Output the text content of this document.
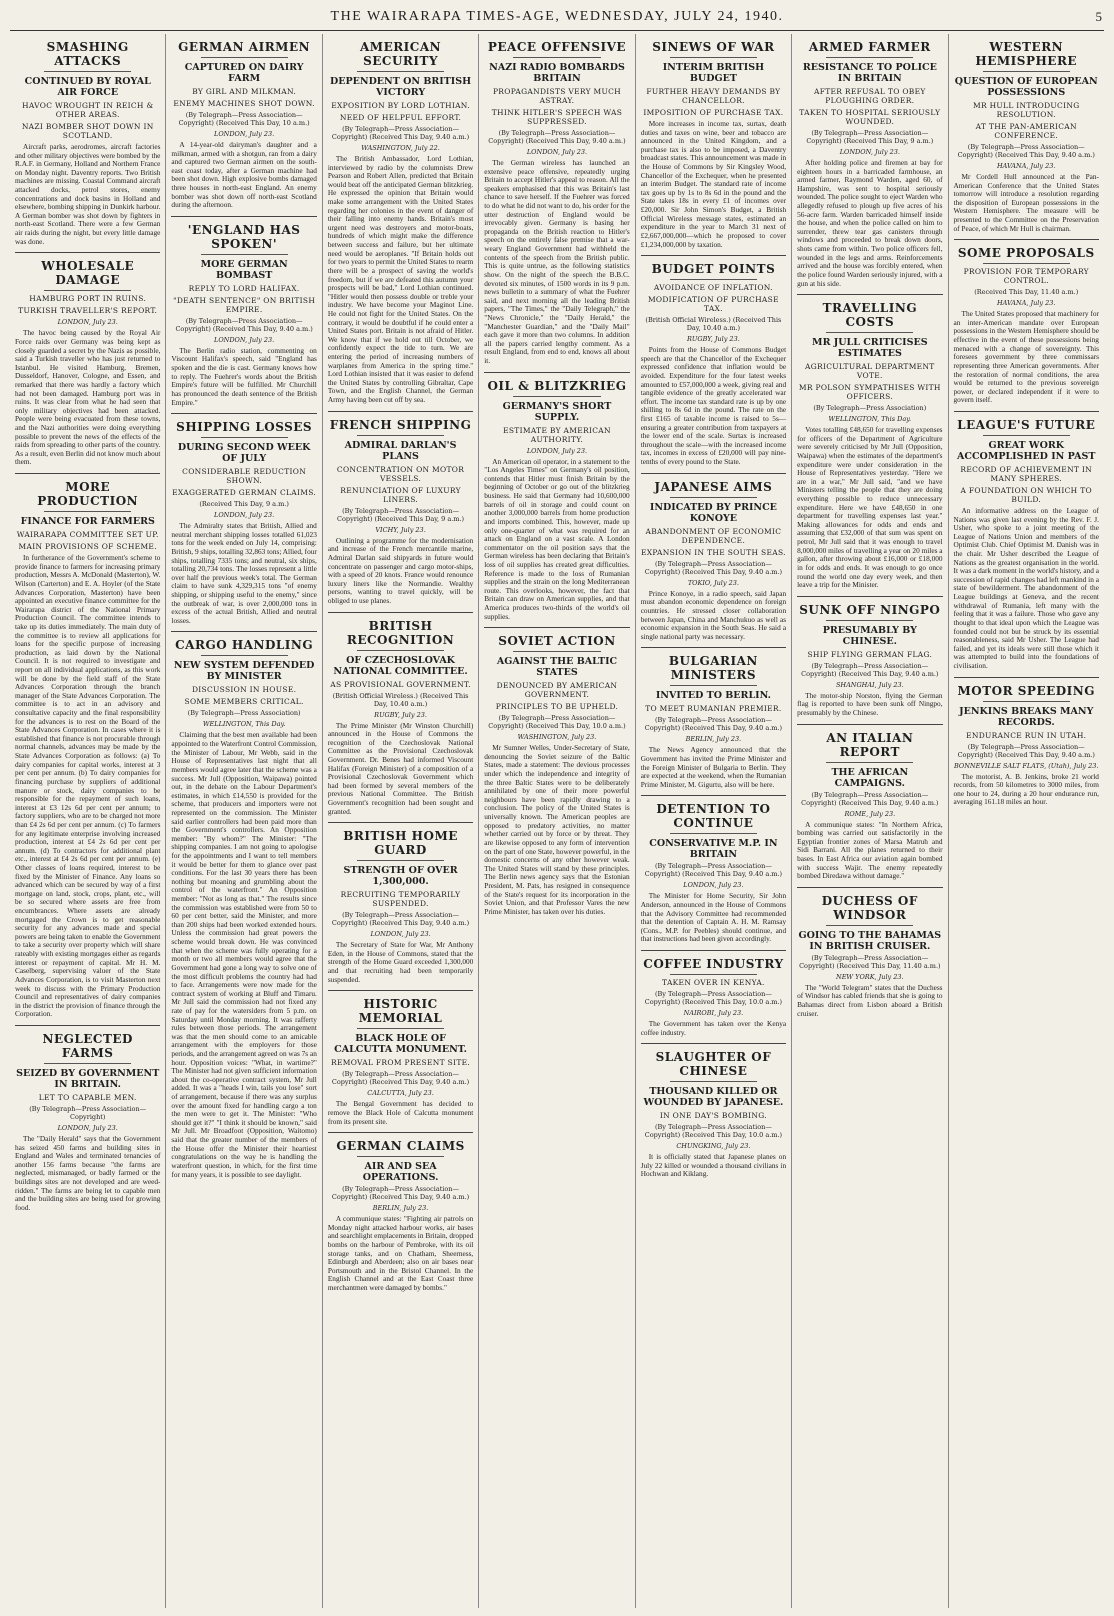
THE WAIRARAPA TIMES-AGE, WEDNESDAY, JULY 24, 1940.	5
SMASHING ATTACKS
CONTINUED BY ROYAL AIR FORCE
HAVOC WROUGHT IN REICH & OTHER AREAS.
NAZI BOMBER SHOT DOWN IN SCOTLAND.
Aircraft parks, aerodromes, aircraft factories and other military objectives were bombed by the R.A.F. in Germany, Holland and Northern France on Monday night. Daventry reports. Two British machines are missing. Coastal Command aircraft attacked docks, petrol stores, enemy concentrations and dock basins in Holland and elsewhere, bombing shipping in Dunkirk harbour. A German bomber was shot down by fighters in north-east Scotland. There were a few German air raids during the night, but every little damage was done.
WHOLESALE DAMAGE
HAMBURG PORT IN RUINS.
TURKISH TRAVELLER'S REPORT.
LONDON, July 23.
The havoc being caused by the Royal Air Force raids over Germany was being kept as closely guarded a secret by the Nazis as possible, said a Turkish traveller who has just returned to Istanbul. He visited Hamburg, Bremen, Dusseldorf, Hanover, Cologne, and Essen, and remarked that there was hardly a factory which had not been damaged. Hamburg port was in ruins. It was clear from what he had seen that only military objectives had been attacked. People were being evacuated from these towns, and the Nazi authorities were doing everything possible to prevent the news of the effects of the raids from spreading to other parts of the country. As a result, even Berlin did not know much about them.
MORE PRODUCTION
FINANCE FOR FARMERS
WAIRARAPA COMMITTEE SET UP.
MAIN PROVISIONS OF SCHEME.
In furtherance of the Government's scheme to provide finance to farmers for increasing primary production, Messrs A. McDonald (Masterton), W. Wilson (Carterton) and E. A. Hoyler (of the State Advances Corporation, Masterton) have been appointed an executive finance committee for the Wairarapa district of the National Primary Production Council. The committee intends to take up its duties immediately. The main duty of the committee is to review all applications for loans for the specific purpose of increasing production, as laid down by the National Council. It is not required to investigate and report on all individual applications, as this work will be done by the field staff of the State Advances Corporation through the branch manager of the State Advances Corporation. The committee is to act in an advisory and consultative capacity and the final responsibility for the advances is to rest on the Board of the State Advances Corporation. In cases where it is established that finance is not procurable through normal channels, advances may be made by the State Advances Corporation as follows: (a) To dairy companies for capital works, interest at 3 per cent per annum. (b) To dairy companies for financing purchase by suppliers of additional manure or stock, dairy companies to be responsible for the repayment of such loans, interest at £3 12s 6d per cent per annum; to factory suppliers, who are to be charged not more than £4 2s 6d per cent per annum. (c) To farmers for any legitimate enterprise involving increased production, interest at £4 2s 6d per cent per annum. (d) To contractors for additional plant etc., interest at £4 2s 6d per cent per annum. (e) Other classes of loans required, interest to be fixed by the Minister of Finance. Any loans so advanced which can be secured by way of a first mortgage on land, stock, crops, plant, etc., will be so secured where assets are free from encumbrances. Where assets are already mortgaged the Crown is to get reasonable security for any advances made and special powers are being taken to enable the Government to take a security over property which will share rateably with existing mortgages either as regards interest or repayment of capital. Mr H. M. Caselberg, supervising valuer of the State Advances Corporation, is to visit Masterton next week to discuss with the Primary Production Council and representatives of dairy companies in the district the provision of finance through the Corporation.
NEGLECTED FARMS
SEIZED BY GOVERNMENT IN BRITAIN.
LET TO CAPABLE MEN.
(By Telegraph—Press Association—Copyright)
LONDON, July 23.
The "Daily Herald" says that the Government has seized 450 farms and building sites in England and Wales and terminated tenancies of another 156 farms because "the farms are neglected, mismanaged, or badly farmed or the buildings sites are not developed and are weed-ridden." The farms are being let to capable men and the building sites are being used for growing food.
GERMAN AIRMEN
CAPTURED ON DAIRY FARM
BY GIRL AND MILKMAN.
ENEMY MACHINES SHOT DOWN.
(By Telegraph—Press Association—Copyright) (Received This Day, 10 a.m.)
LONDON, July 23.
A 14-year-old dairyman's daughter and a milkman, armed with a shotgun, ran from a dairy and captured two German airmen on the south-east coast today, after a German machine had been shot down. High explosive bombs damaged three houses in north-east England. An enemy bomber was shot down off north-east Scotland during the afternoon.
'ENGLAND HAS SPOKEN'
MORE GERMAN BOMBAST
REPLY TO LORD HALIFAX.
"DEATH SENTENCE" ON BRITISH EMPIRE.
(By Telegraph—Press Association—Copyright) (Received This Day, 9.40 a.m.)
LONDON, July 23.
The Berlin radio station, commenting on Viscount Halifax's speech, said "England has spoken and the die is cast. Germany knows how to reply. The Fuehrer's words about the British Empire's future will be fulfilled. Mr Churchill has pronounced the death sentence of the British Empire."
SHIPPING LOSSES
DURING SECOND WEEK OF JULY
CONSIDERABLE REDUCTION SHOWN.
EXAGGERATED GERMAN CLAIMS.
(Received This Day, 9 a.m.)
LONDON, July 23.
The Admiralty states that British, Allied and neutral merchant shipping losses totalled 61,023 tons for the week ended on July 14, comprising: British, 9 ships, totalling 32,863 tons; Allied, four ships, totalling 7335 tons; and neutral, six ships, totalling 20,734 tons. The losses represent a little over half the previous week's total. The German claim to have sunk 4,329,315 tons "of enemy shipping, or shipping useful to the enemy," since the outbreak of war, is over 2,000,000 tons in excess of the actual British, Allied and neutral losses.
CARGO HANDLING
NEW SYSTEM DEFENDED BY MINISTER
DISCUSSION IN HOUSE.
SOME MEMBERS CRITICAL.
(By Telegraph—Press Association)
WELLINGTON, This Day.
Claiming that the best men available had been appointed to the Waterfront Control Commission, the Minister of Labour, Mr Webb, said in the House of Representatives last night that all members would agree later that the scheme was a success. Mr Jull (Opposition, Waipawa) pointed out, in the debate on the Labour Department's estimates, in which £14,550 is provided for the scheme, that producers and importers were not represented on the commission. The Minister said earlier controllers had been paid more than the Government's controllers. An Opposition member: "By whom?" The Minister: "The shipping companies. I am not going to apologise for the appointments and I want to tell members it would be better for them to glance over past conditions. For the last 30 years there has been nothing but moaning and grumbling about the control of the waterfront." An Opposition member: "Not as long as that." The results since the commission was established were from 50 to 60 per cent better, said the Minister, and more than 200 ships had been worked extended hours. Unless the commission had great powers the scheme would break down. He was convinced that when the scheme was fully operating for a month or two all members would agree that the Government had gone a long way to solve one of the most difficult problems the country had had to face. Arrangements were now made for the contract system of working at Bluff and Timaru. Mr Jull said the commission had not fixed any rate of pay for the watersiders from 5 p.m. on Saturday until Monday morning. It was rafferty rules between those periods. The arrangement was that the men should come to an amicable arrangement with the employers for those periods, and the arrangement agreed on was 7s an hour. Opposition voices: "What, in wartime?" The Minister had not given sufficient information about the co-operative contract system, Mr Jull added. It was a "heads I win, tails you lose" sort of arrangement, because if there was any surplus over the amount fixed for handling cargo a ton the men were to get it. The Minister: "Who should get it?" "I think it should be known," said Mr Jull. Mr Broadfoot (Opposition, Waitomo) said that the greater number of the members of the House offer the Minister their heartiest congratulations on the way he is handling the waterfront question, in which, for the first time for many years, it is possible to see daylight.
AMERICAN SECURITY
DEPENDENT ON BRITISH VICTORY
EXPOSITION BY LORD LOTHIAN.
NEED OF HELPFUL EFFORT.
(By Telegraph—Press Association—Copyright) (Received This Day, 9.40 a.m.)
WASHINGTON, July 22.
The British Ambassador, Lord Lothian, interviewed by radio by the columnists Drew Pearson and Robert Allen, predicted that Britain would beat off the anticipated German blitzkrieg. He expressed the opinion that Britain would make some arrangement with the United States regarding her colonies in the event of danger of their falling into enemy hands. Britain's most urgent need was destroyers and motor-boats, hundreds of which might make the difference between success and failure, but her ultimate need would be aeroplanes. "If Britain holds out for two years to permit the United States to rearm there will be a prospect of saving the world's freedom, but if we are defeated this autumn your prospects will be bad," Lord Lothian continued. "Hitler would then possess double or treble your industry. We have become your Maginot Line. He could not fight for the United States. On the contrary, it would be doubtful if he could enter a United States port. Britain is not afraid of Hitler. We know that if we hold out till October, we confidently expect the tide to turn. We are entering the period of increasing numbers of warplanes from America in the spring time." Lord Lothian insisted that it was easier to defend the United States by controlling Gibraltar, Cape Town, and the English Channel, the German Army having been cut off by sea.
FRENCH SHIPPING
ADMIRAL DARLAN'S PLANS
CONCENTRATION ON MOTOR VESSELS.
RENUNCIATION OF LUXURY LINERS.
(By Telegraph—Press Association—Copyright) (Received This Day, 9 a.m.)
VICHY, July 23.
Outlining a programme for the modernisation and increase of the French mercantile marine, Admiral Darlan said shipyards in future would concentrate on passenger and cargo motor-ships, with a speed of 20 knots. France would renounce luxury liners like the Normandie. Wealthy persons, wanting to travel quickly, will be obliged to use planes.
BRITISH RECOGNITION
OF CZECHOSLOVAK NATIONAL COMMITTEE.
AS PROVISIONAL GOVERNMENT.
(British Official Wireless.) (Received This Day, 10.40 a.m.)
RUGBY, July 23.
The Prime Minister (Mr Winston Churchill) announced in the House of Commons the recognition of the Czechoslovak National Committee as the Provisional Czechoslovak Government. Dr. Benes had informed Viscount Halifax (Foreign Minister) of a composition of a Provisional Czechoslovak Government which had been formed by several members of the previous National Committee. The British Government's recognition had been sought and granted.
BRITISH HOME GUARD
STRENGTH OF OVER 1,300,000.
RECRUITING TEMPORARILY SUSPENDED.
(By Telegraph—Press Association—Copyright) (Received This Day, 9.40 a.m.)
LONDON, July 23.
The Secretary of State for War, Mr Anthony Eden, in the House of Commons, stated that the strength of the Home Guard exceeded 1,300,000 and that recruiting had been temporarily suspended.
HISTORIC MEMORIAL
BLACK HOLE OF CALCUTTA MONUMENT.
REMOVAL FROM PRESENT SITE.
(By Telegraph—Press Association—Copyright) (Received This Day, 9.40 a.m.)
CALCUTTA, July 23.
The Bengal Government has decided to remove the Black Hole of Calcutta monument from its present site.
GERMAN CLAIMS
AIR AND SEA OPERATIONS.
(By Telegraph—Press Association—Copyright) (Received This Day, 9.40 a.m.)
BERLIN, July 23.
A communique states: "Fighting air patrols on Monday night attacked harbour works, air bases and searchlight emplacements in Britain, dropped bombs on the harbour of Pembroke, with its oil storage tanks, and on Chatham, Sheerness, Edinburgh and Aberdeen; also on air bases near Portsmouth and in the Bristol Channel. In the English Channel and at the East Coast three merchantmen were damaged by bombs."
PEACE OFFENSIVE
NAZI RADIO BOMBARDS BRITAIN
PROPAGANDISTS VERY MUCH ASTRAY.
THINK HITLER'S SPEECH WAS SUPPRESSED.
(By Telegraph—Press Association—Copyright) (Received This Day, 9.40 a.m.)
LONDON, July 23.
The German wireless has launched an extensive peace offensive, repeatedly urging Britain to accept Hitler's appeal to reason. All the speakers emphasised that this was Britain's last chance to save herself. If the Fuehrer was forced to do what he did not want to do, his order for the utter destruction of England would be irrevocably given. Germany is basing her propaganda on the British reaction to Hitler's speech on the entirely false premise that a war-weary England Government had withheld the contents of the speech from the British public. This is quite untrue, as the following statistics show. On the night of the speech the B.B.C. devoted six minutes, of 1500 words in its 9 p.m. news bulletin to a summary of what the Fuehrer said, and next morning all the leading British papers, "The Times," the "Daily Telegraph," the "News Chronicle," the "Daily Herald," the "Manchester Guardian," and the "Daily Mail" each gave it more than two columns. In addition all the papers carried lengthy comment. As a result England, from end to end, knows all about it.
OIL & BLITZKRIEG
GERMANY'S SHORT SUPPLY.
ESTIMATE BY AMERICAN AUTHORITY.
LONDON, July 23.
An American oil operator, in a statement to the "Los Angeles Times" on Germany's oil position, contends that Hitler must finish Britain by the beginning of October or go out of the blitzkrieg business. He said that Germany had 10,600,000 barrels of oil in storage and could count on another 3,000,000 barrels from home production and imports combined. This, however, made up only one-quarter of what was required for an attack on England on a vast scale. A London commentator on the oil position says that the German wireless has been declaring that Britain's loss of oil supplies has created great difficulties. Reference is made to the loss of Rumanian supplies and the strain on the long Mediterranean route. This overlooks, however, the fact that Britain can draw on American supplies, and that America produces two-thirds of the world's oil supplies.
SOVIET ACTION
AGAINST THE BALTIC STATES
DENOUNCED BY AMERICAN GOVERNMENT.
PRINCIPLES TO BE UPHELD.
(By Telegraph—Press Association—Copyright) (Received This Day, 10.0 a.m.)
WASHINGTON, July 23.
Mr Sumner Welles, Under-Secretary of State, denouncing the Soviet seizure of the Baltic States, made a statement: The devious processes under which the independence and integrity of the three Baltic States were to be deliberately annihilated by one of their more powerful neighbours have been rapidly drawing to a conclusion. The policy of the United States is universally known. The American peoples are opposed to predatory activities, no matter whether carried out by force or by threat. They are likewise opposed to any form of intervention on the part of one State, however powerful, in the domestic concerns of any other however weak. The United States will stand by these principles. The Berlin news agency says that the Estonian President, M. Pats, has resigned in consequence of the State's request for its incorporation in the Soviet Union, and that Professor Vares the new Prime Minister, has taken over his duties.
SINEWS OF WAR
INTERIM BRITISH BUDGET
FURTHER HEAVY DEMANDS BY CHANCELLOR.
IMPOSITION OF PURCHASE TAX.
More increases in income tax, surtax, death duties and taxes on wine, beer and tobacco are announced in the United Kingdom, and a purchase tax is also to be imposed, a Daventry broadcast states. This announcement was made in the House of Commons by Sir Kingsley Wood, Chancellor of the Exchequer, when he presented an interim Budget. The standard rate of income tax goes up by 1s to 8s 6d in the pound and the State takes 18s in every £1 of incomes over £20,000. Sir John Simon's Budget, a British Official Wireless message states, estimated an expenditure in the year to March 31 next of £2,667,000,000—which he proposed to cover £1,234,000,000 by taxation.
BUDGET POINTS
AVOIDANCE OF INFLATION.
MODIFICATION OF PURCHASE TAX.
(British Official Wireless.) (Received This Day, 10.40 a.m.)
RUGBY, July 23.
Points from the House of Commons Budget speech are that the Chancellor of the Exchequer expressed confidence that inflation would be avoided. Expenditure for the four latest weeks amounted to £57,000,000 a week, giving real and tangible evidence of the greatly accelerated war effort. The income tax standard rate is up by one shilling to 8s 6d in the pound. The rate on the first £165 of taxable income is raised to 5s—ensuring a greater contribution from taxpayers at the lower end of the scale. Surtax is increased throughout the scale—with the increased income tax, incomes in excess of £20,000 will pay nine-tenths of every pound to the State.
JAPANESE AIMS
INDICATED BY PRINCE KONOYE
ABANDONMENT OF ECONOMIC DEPENDENCE.
EXPANSION IN THE SOUTH SEAS.
(By Telegraph—Press Association—Copyright) (Received This Day, 9.40 a.m.)
TOKIO, July 23.
Prince Konoye, in a radio speech, said Japan must abandon economic dependence on foreign countries. He stressed closer collaboration between Japan, China and Manchukuo as well as economic expansion in the South Seas. He said a single national party was necessary.
BULGARIAN MINISTERS
INVITED TO BERLIN.
TO MEET RUMANIAN PREMIER.
(By Telegraph—Press Association—Copyright) (Received This Day, 9.40 a.m.)
BERLIN, July 23.
The News Agency announced that the Government has invited the Prime Minister and the Foreign Minister of Bulgaria to Berlin. They are expected at the weekend, when the Rumanian Prime Minister, M. Gigurtu, also will be here.
DETENTION TO CONTINUE
CONSERVATIVE M.P. IN BRITAIN
(By Telegraph—Press Association—Copyright) (Received This Day, 9.40 a.m.)
LONDON, July 23.
The Minister for Home Security, Sir John Anderson, announced in the House of Commons that the Advisory Committee had recommended that the detention of Captain A. H. M. Ramsay (Cons., M.P. for Peebles) should continue, and that instructions had been given accordingly.
COFFEE INDUSTRY
TAKEN OVER IN KENYA.
(By Telegraph—Press Association—Copyright) (Received This Day, 10.0 a.m.)
NAIROBI, July 23.
The Government has taken over the Kenya coffee industry.
SLAUGHTER OF CHINESE
THOUSAND KILLED OR WOUNDED BY JAPANESE.
IN ONE DAY'S BOMBING.
(By Telegraph—Press Association—Copyright) (Received This Day, 10.0 a.m.)
CHUNGKING, July 23.
It is officially stated that Japanese planes on July 22 killed or wounded a thousand civilians in Hochwan and Kiklang.
ARMED FARMER
RESISTANCE TO POLICE IN BRITAIN
AFTER REFUSAL TO OBEY PLOUGHING ORDER.
TAKEN TO HOSPITAL SERIOUSLY WOUNDED.
(By Telegraph—Press Association—Copyright) (Received This Day, 9 a.m.)
LONDON, July 23.
After holding police and firemen at bay for eighteen hours in a barricaded farmhouse, an armed farmer, Raymond Warden, aged 60, of Hampshire, was sent to hospital seriously wounded. The police sought to eject Warden who allegedly refused to plough up five acres of his 56-acre farm. Warden barricaded himself inside the house, and when the police called on him to surrender, threw tear gas canisters through windows and proceeded to break down doors, shots came from within. Two police officers fell, wounded in the legs and arms. Reinforcements arrived and the house was forcibly entered, when the police found Warden seriously injured, with a gun at his side.
TRAVELLING COSTS
MR JULL CRITICISES ESTIMATES
AGRICULTURAL DEPARTMENT VOTE.
MR POLSON SYMPATHISES WITH OFFICERS.
(By Telegraph—Press Association)
WELLINGTON, This Day.
Votes totalling £48,650 for travelling expenses for officers of the Department of Agriculture were severely criticised by Mr Jull (Opposition, Waipawa) when the estimates of the department's expenditure were under consideration in the House of Representatives yesterday. "Here we are in a war," Mr Jull said, "and we have Ministers telling the people that they are doing everything possible to reduce unnecessary expenditure. Here we have £48,650 in one department for travelling expenses last year." Making allowances for odds and ends and assuming that £32,000 of that sum was spent on petrol, Mr Jull said that it was enough to travel 8,000,000 miles of travelling a year on 20 miles a gallon, after throwing about £16,000 or £18,000 in for odds and ends. It was enough to go once round the world one day every week, and then leave a trip for the Minister.
SUNK OFF NINGPO
PRESUMABLY BY CHINESE.
SHIP FLYING GERMAN FLAG.
(By Telegraph—Press Association—Copyright) (Received This Day, 9.40 a.m.)
SHANGHAI, July 23.
The motor-ship Norston, flying the German flag is reported to have been sunk off Ningpo, presumably by the Chinese.
AN ITALIAN REPORT
THE AFRICAN CAMPAIGNS.
(By Telegraph—Press Association—Copyright) (Received This Day, 9.40 a.m.)
ROME, July 23.
A communique states: "In Northern Africa, bombing was carried out satisfactorily in the Egyptian frontier zones of Marsa Matruh and Sidi Barrani. All the planes returned to their bases. In East Africa our aviation again bombed with success Wajir. The enemy repeatedly bombed Diredawa without damage."
DUCHESS OF WINDSOR
GOING TO THE BAHAMAS IN BRITISH CRUISER.
(By Telegraph—Press Association—Copyright) (Received This Day, 11.40 a.m.)
NEW YORK, July 23.
The "World Telegram" states that the Duchess of Windsor has cabled friends that she is going to Bahamas direct from Lisbon aboard a British cruiser.
WESTERN HEMISPHERE
QUESTION OF EUROPEAN POSSESSIONS
MR HULL INTRODUCING RESOLUTION.
AT THE PAN-AMERICAN CONFERENCE.
(By Telegraph—Press Association—Copyright) (Received This Day, 9.40 a.m.)
HAVANA, July 23.
Mr Cordell Hull announced at the Pan-American Conference that the United States tomorrow will introduce a resolution regarding the disposition of European possessions in the Western Hemisphere. The measure will be presented to the Committee on the Preservation of Peace, of which Mr Hull is chairman.
SOME PROPOSALS
PROVISION FOR TEMPORARY CONTROL.
(Received This Day, 11.40 a.m.)
HAVANA, July 23.
The United States proposed that machinery for an inter-American mandate over European possessions in the Western Hemisphere should be effective in the event of these possessions being menaced with a change of sovereignty. This foresees government by three commissars representing three American governments. After the restoration of normal conditions, the area would be returned to the previous sovereign power, or declared independent if it were to govern itself.
LEAGUE'S FUTURE
GREAT WORK ACCOMPLISHED IN PAST
RECORD OF ACHIEVEMENT IN MANY SPHERES.
A FOUNDATION ON WHICH TO BUILD.
An informative address on the League of Nations was given last evening by the Rev. F. J. Usher, who spoke to a joint meeting of the League of Nations Union and members of the Optimist Club. Chief Optimist M. Danish was in the chair. Mr Usher described the League of Nations as the greatest organisation in the world. It was a dark moment in the world's history, and a succession of rapid changes had left mankind in a state of bewilderment. The abandonment of the League buildings at Geneva, and the recent withdrawal of Rumania, left many with the feeling that it was a failure. Those who gave any thought to that ideal upon which the League was founded could not but be struck by its essential reasonableness, said Mr Usher. The League had failed, and yet its ideals were still those which it was attempted to build into the foundations of civilisation.
MOTOR SPEEDING
JENKINS BREAKS MANY RECORDS.
ENDURANCE RUN IN UTAH.
(By Telegraph—Press Association—Copyright) (Received This Day, 9.40 a.m.)
BONNEVILLE SALT FLATS, (Utah), July 23.
The motorist, A. B. Jenkins, broke 21 world records, from 50 kilometres to 3000 miles, from one hour to 24, during a 20 hour endurance run, averaging 161.18 miles an hour.
